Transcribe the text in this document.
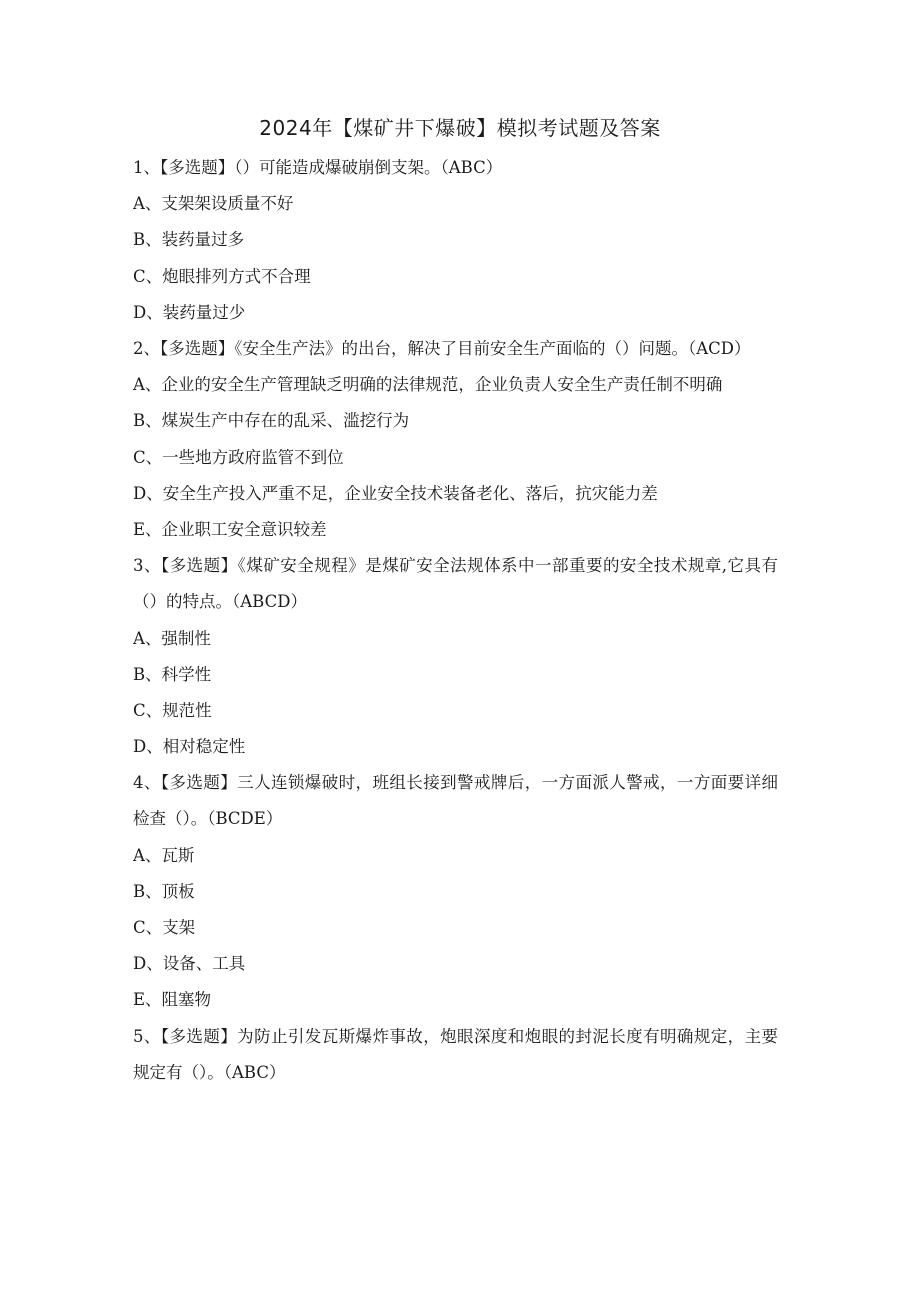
2024年【煤矿井下爆破】模拟考试题及答案

1、【多选题】（）可能造成爆破崩倒支架。（ABC）

A、支架架设质量不好

B、装药量过多

C、炮眼排列方式不合理

D、装药量过少

2、【多选题】《安全生产法》的出台，解决了目前安全生产面临的（）问题。（ACD）

A、企业的安全生产管理缺乏明确的法律规范，企业负责人安全生产责任制不明确

B、煤炭生产中存在的乱采、滥挖行为

C、一些地方政府监管不到位

D、安全生产投入严重不足，企业安全技术装备老化、落后，抗灾能力差

E、企业职工安全意识较差

3、【多选题】《煤矿安全规程》是煤矿安全法规体系中一部重要的安全技术规章,它具有（）的特点。（ABCD）

A、强制性

B、科学性

C、规范性

D、相对稳定性

4、【多选题】三人连锁爆破时，班组长接到警戒牌后，一方面派人警戒，一方面要详细检查（）。（BCDE）

A、瓦斯

B、顶板

C、支架

D、设备、工具

E、阻塞物

5、【多选题】为防止引发瓦斯爆炸事故，炮眼深度和炮眼的封泥长度有明确规定，主要规定有（）。（ABC）
